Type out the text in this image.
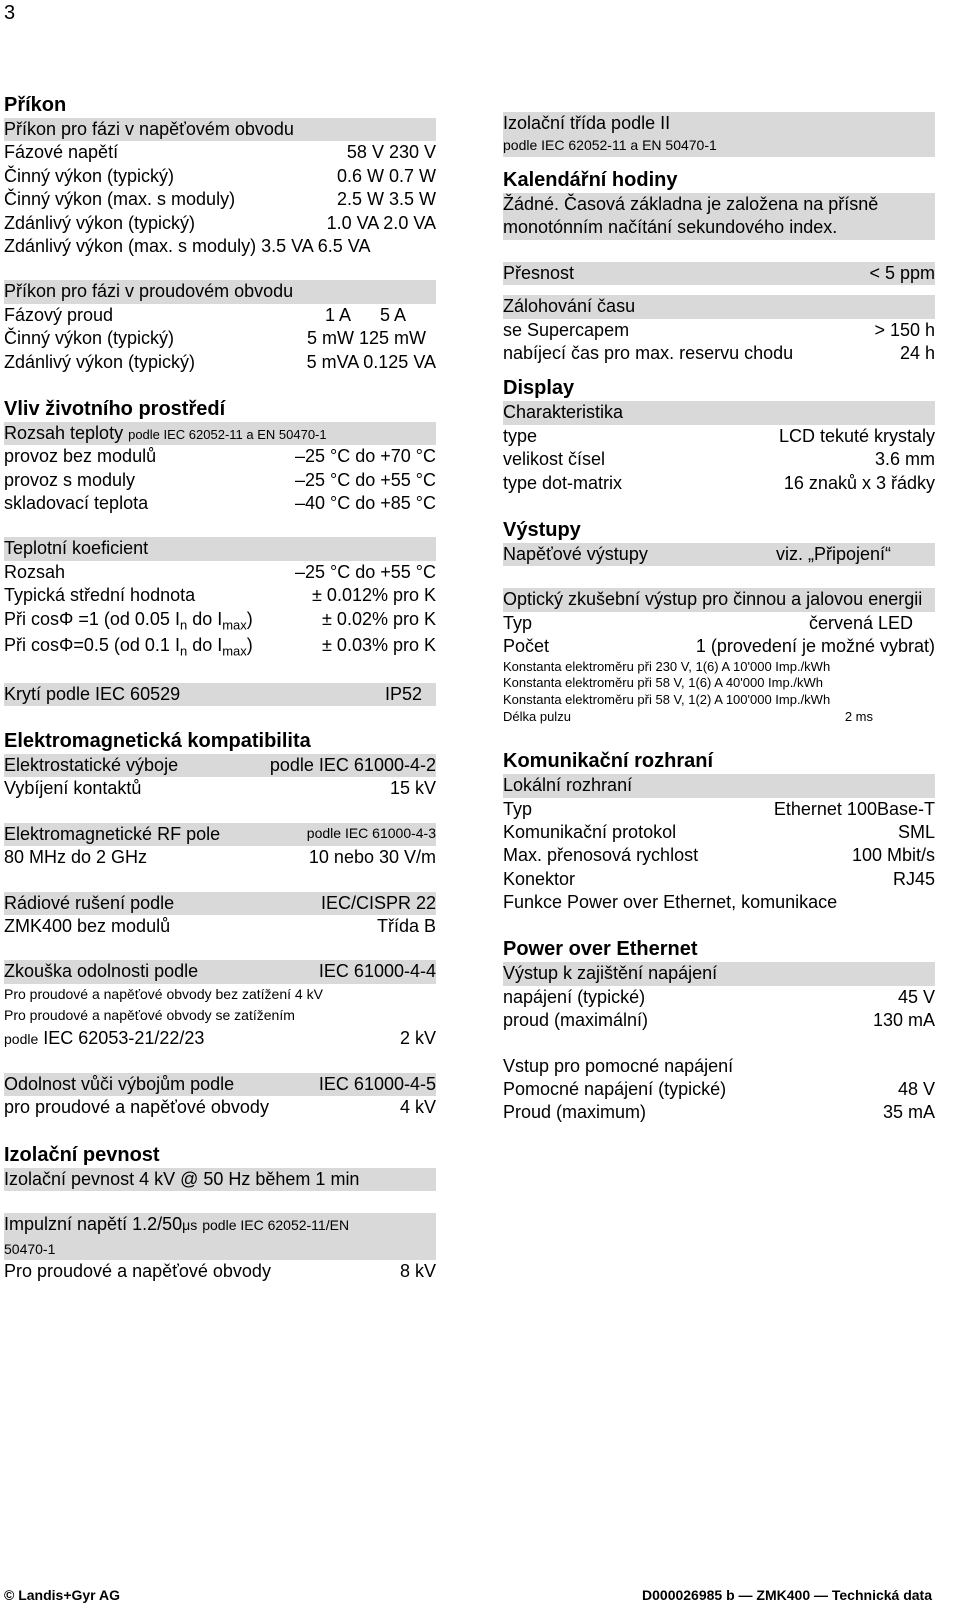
3
Příkon
Příkon pro fázi v napěťovém obvodu
Fázové napětí	58 V 230 V
Činný výkon (typický)	0.6 W 0.7 W
Činný výkon (max. s moduly)	2.5 W 3.5 W
Zdánlivý výkon (typický)	1.0 VA 2.0 VA
Zdánlivý výkon (max. s moduly) 3.5 VA 6.5 VA
Příkon pro fázi v proudovém obvodu
Fázový proud	1 A      5 A
Činný výkon (typický)	5 mW 125 mW
Zdánlivý výkon (typický)	5 mVA 0.125 VA
Vliv životního prostředí
Rozsah teploty podle IEC 62052-11 a EN 50470-1
provoz bez modulů	–25 °C do +70 °C
provoz s moduly	–25 °C do +55 °C
skladovací teplota	–40 °C do +85 °C
Teplotní koeficient
Rozsah	–25 °C do +55 °C
Typická střední hodnota	± 0.012% pro K
Při cosΦ =1 (od 0.05 $I_n$ do $I_{max}$)	± 0.02% pro K
Při cosΦ=0.5 (od 0.1 $I_n$ do $I_{max}$)	± 0.03% pro K
Krytí podle IEC 60529	IP52
Elektromagnetická kompatibilita
Elektrostatické výboje	podle IEC 61000-4-2
Vybíjení kontaktů	15 kV
Elektromagnetické RF pole	podle IEC 61000-4-3
80 MHz do 2 GHz	10 nebo 30 V/m
Rádiové rušení podle	IEC/CISPR 22
ZMK400 bez modulů	Třída B
Zkouška odolnosti podle	IEC 61000-4-4
Pro proudové a napěťové obvody bez zatížení 4 kV
Pro proudové a napěťové obvody se zatížením
podle IEC 62053-21/22/23	2 kV
Odolnost vůči výbojům podle	IEC 61000-4-5
pro proudové a napěťové obvody	4 kV
Izolační pevnost
Izolační pevnost 4 kV @ 50 Hz během 1 min
Impulzní napětí 1.2/50μs podle IEC 62052-11/EN
50470-1
Pro proudové a napěťové obvody	8 kV
Izolační třída podle II
podle IEC 62052-11 a EN 50470-1
Kalendářní hodiny
Žádné. Časová základna je založena na přísně
monotónním načítání sekundového index.
Přesnost	< 5 ppm
Zálohování času
se Supercapem	> 150 h
nabíjecí čas pro max. reservu chodu	24 h
Display
Charakteristika
type	LCD tekuté krystaly
velikost čísel	3.6 mm
type dot-matrix	16 znaků x 3 řádky
Výstupy
Napěťové výstupy	viz. „Připojení“
Optický zkušební výstup pro činnou a jalovou energii
Typ	červená LED
Počet	1 (provedení je možné vybrat)
Konstanta elektroměru při 230 V, 1(6) A 10'000 Imp./kWh
Konstanta elektroměru při 58 V, 1(6) A 40'000 Imp./kWh
Konstanta elektroměru při 58 V, 1(2) A 100'000 Imp./kWh
Délka pulzu	2 ms
Komunikační rozhraní
Lokální rozhraní
Typ	Ethernet 100Base-T
Komunikační protokol	SML
Max. přenosová rychlost	100 Mbit/s
Konektor	RJ45
Funkce Power over Ethernet, komunikace
Power over Ethernet
Výstup k zajištění napájení
napájení (typické)	45 V
proud (maximální)	130 mA
Vstup pro pomocné napájení
Pomocné napájení (typické)	48 V
Proud (maximum)	35 mA
© Landis+Gyr AG	D000026985 b — ZMK400 — Technická data
